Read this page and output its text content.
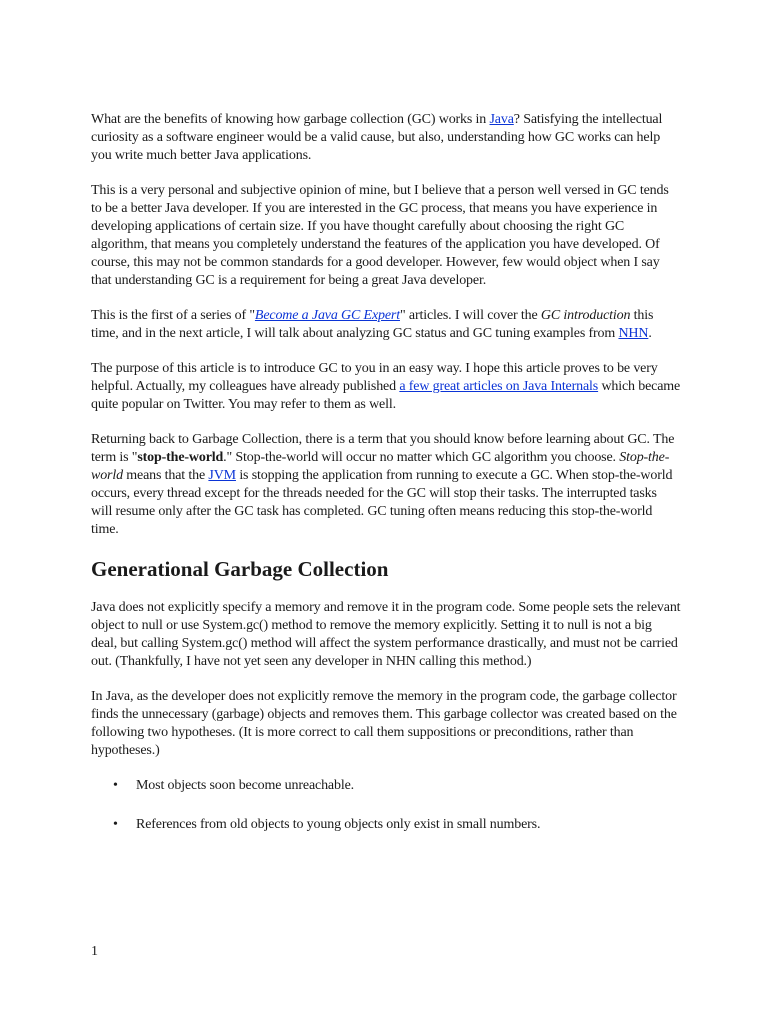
What are the benefits of knowing how garbage collection (GC) works in Java? Satisfying the intellectual curiosity as a software engineer would be a valid cause, but also, understanding how GC works can help you write much better Java applications.

This is a very personal and subjective opinion of mine, but I believe that a person well versed in GC tends to be a better Java developer. If you are interested in the GC process, that means you have experience in developing applications of certain size. If you have thought carefully about choosing the right GC algorithm, that means you completely understand the features of the application you have developed. Of course, this may not be common standards for a good developer. However, few would object when I say that understanding GC is a requirement for being a great Java developer.

This is the first of a series of "Become a Java GC Expert" articles. I will cover the GC introduction this time, and in the next article, I will talk about analyzing GC status and GC tuning examples from NHN.

The purpose of this article is to introduce GC to you in an easy way. I hope this article proves to be very helpful. Actually, my colleagues have already published a few great articles on Java Internals which became quite popular on Twitter. You may refer to them as well.

Returning back to Garbage Collection, there is a term that you should know before learning about GC. The term is "stop-the-world." Stop-the-world will occur no matter which GC algorithm you choose. Stop-the-world means that the JVM is stopping the application from running to execute a GC. When stop-the-world occurs, every thread except for the threads needed for the GC will stop their tasks. The interrupted tasks will resume only after the GC task has completed. GC tuning often means reducing this stop-the-world time.

Generational Garbage Collection

Java does not explicitly specify a memory and remove it in the program code. Some people sets the relevant object to null or use System.gc() method to remove the memory explicitly. Setting it to null is not a big deal, but calling System.gc() method will affect the system performance drastically, and must not be carried out. (Thankfully, I have not yet seen any developer in NHN calling this method.)

In Java, as the developer does not explicitly remove the memory in the program code, the garbage collector finds the unnecessary (garbage) objects and removes them. This garbage collector was created based on the following two hypotheses. (It is more correct to call them suppositions or preconditions, rather than hypotheses.)

• Most objects soon become unreachable.
• References from old objects to young objects only exist in small numbers.
1
